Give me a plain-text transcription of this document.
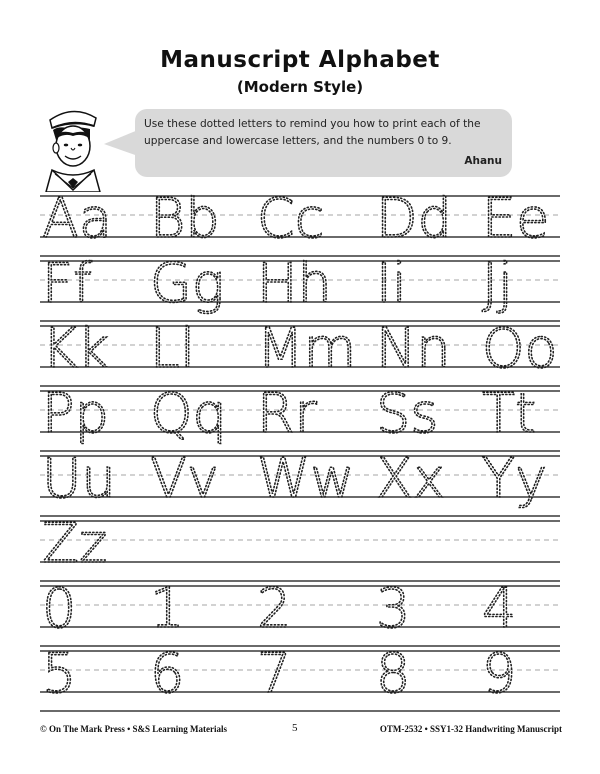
Manuscript Alphabet
(Modern Style)
Use these dotted letters to remind you how to print each of the uppercase and lowercase letters, and the numbers 0 to 9.
Ahanu
Aa Bb Cc Dd Ee
Ff Gg Hh Ii Jj
Kk Ll Mm Nn Oo
Pp Qq Rr Ss Tt
Uu Vv Ww Xx Yy
Zz
0 1 2 3 4
5 6 7 8 9
© On The Mark Press • S&S Learning Materials	5	OTM-2532 • SSY1-32 Handwriting Manuscript
